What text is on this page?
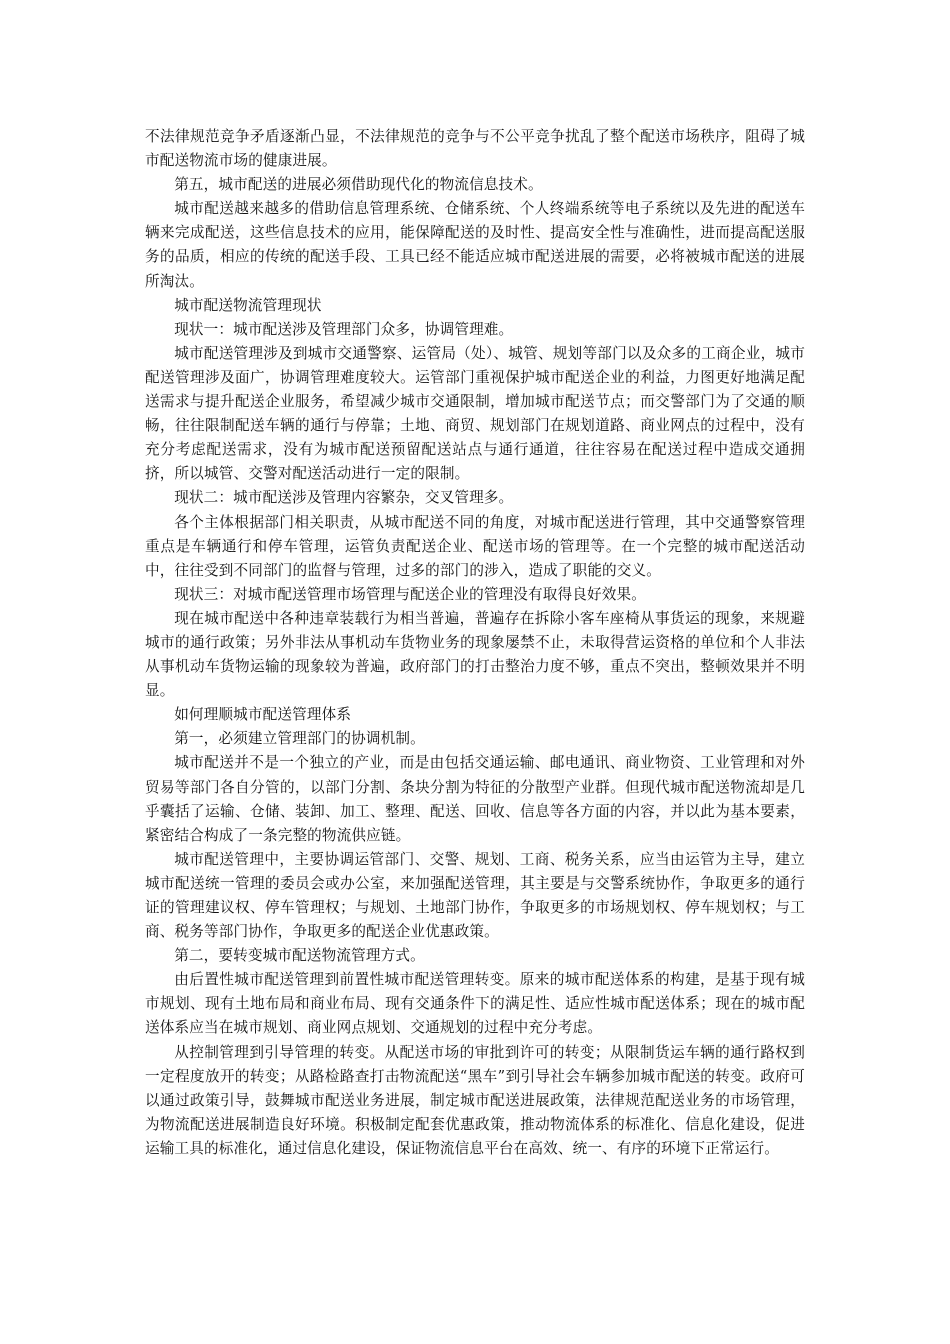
不法律规范竞争矛盾逐渐凸显，不法律规范的竞争与不公平竞争扰乱了整个配送市场秩序，阻碍了城市配送物流市场的健康进展。

第五，城市配送的进展必须借助现代化的物流信息技术。

城市配送越来越多的借助信息管理系统、仓储系统、个人终端系统等电子系统以及先进的配送车辆来完成配送，这些信息技术的应用，能保障配送的及时性、提高安全性与准确性，进而提高配送服务的品质，相应的传统的配送手段、工具已经不能适应城市配送进展的需要，必将被城市配送的进展所淘汰。

城市配送物流管理现状

现状一：城市配送涉及管理部门众多，协调管理难。

城市配送管理涉及到城市交通警察、运管局（处）、城管、规划等部门以及众多的工商企业，城市配送管理涉及面广，协调管理难度较大。运管部门重视保护城市配送企业的利益，力图更好地满足配送需求与提升配送企业服务，希望减少城市交通限制，增加城市配送节点；而交警部门为了交通的顺畅，往往限制配送车辆的通行与停靠；土地、商贸、规划部门在规划道路、商业网点的过程中，没有充分考虑配送需求，没有为城市配送预留配送站点与通行通道，往往容易在配送过程中造成交通拥挤，所以城管、交警对配送活动进行一定的限制。

现状二：城市配送涉及管理内容繁杂，交叉管理多。

各个主体根据部门相关职责，从城市配送不同的角度，对城市配送进行管理，其中交通警察管理重点是车辆通行和停车管理，运管负责配送企业、配送市场的管理等。在一个完整的城市配送活动中，往往受到不同部门的监督与管理，过多的部门的涉入，造成了职能的交义。

现状三：对城市配送管理市场管理与配送企业的管理没有取得良好效果。

现在城市配送中各种违章装载行为相当普遍，普遍存在拆除小客车座椅从事货运的现象，来规避城市的通行政策；另外非法从事机动车货物业务的现象屡禁不止，未取得营运资格的单位和个人非法从事机动车货物运输的现象较为普遍，政府部门的打击整治力度不够，重点不突出，整顿效果并不明显。

如何理顺城市配送管理体系

第一，必须建立管理部门的协调机制。

城市配送并不是一个独立的产业，而是由包括交通运输、邮电通讯、商业物资、工业管理和对外贸易等部门各自分管的，以部门分割、条块分割为特征的分散型产业群。但现代城市配送物流却是几乎囊括了运输、仓储、装卸、加工、整理、配送、回收、信息等各方面的内容，并以此为基本要素，紧密结合构成了一条完整的物流供应链。

城市配送管理中，主要协调运管部门、交警、规划、工商、税务关系，应当由运管为主导，建立城市配送统一管理的委员会或办公室，来加强配送管理，其主要是与交警系统协作，争取更多的通行证的管理建议权、停车管理权；与规划、土地部门协作，争取更多的市场规划权、停车规划权；与工商、税务等部门协作，争取更多的配送企业优惠政策。

第二，要转变城市配送物流管理方式。

由后置性城市配送管理到前置性城市配送管理转变。原来的城市配送体系的构建，是基于现有城市规划、现有土地布局和商业布局、现有交通条件下的满足性、适应性城市配送体系；现在的城市配送体系应当在城市规划、商业网点规划、交通规划的过程中充分考虑。

从控制管理到引导管理的转变。从配送市场的审批到许可的转变；从限制货运车辆的通行路权到一定程度放开的转变；从路检路查打击物流配送“黑车”到引导社会车辆参加城市配送的转变。政府可以通过政策引导，鼓舞城市配送业务进展，制定城市配送进展政策，法律规范配送业务的市场管理，为物流配送进展制造良好环境。积极制定配套优惠政策，推动物流体系的标准化、信息化建设，促进运输工具的标准化，通过信息化建设，保证物流信息平台在高效、统一、有序的环境下正常运行。
